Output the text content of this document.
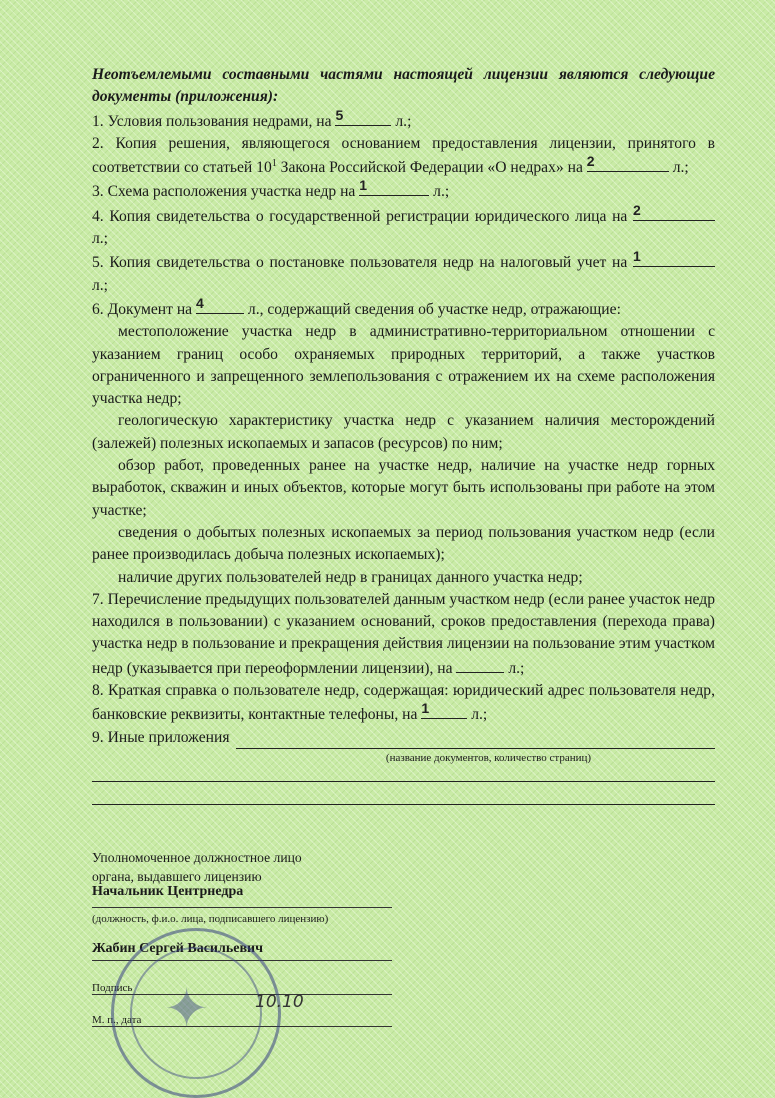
Неотъемлемыми составными частями настоящей лицензии являются следующие документы (приложения):

1. Условия пользования недрами, на 5	л.;

2. Копия решения, являющегося основанием предоставления лицензии, принятого в соответствии со статьей $10^1$ Закона Российской Федерации «О недрах» на 2	л.;

3. Схема расположения участка недр на 1	л.;

4. Копия свидетельства о государственной регистрации юридического лица на 2
л.;

5. Копия свидетельства о постановке пользователя недр на налоговый учет на 1
л.;

6. Документ на 4	л., содержащий сведения об участке недр, отражающие:

местоположение участка недр в административно-территориальном отношении с указанием границ особо охраняемых природных территорий, а также участков ограниченного и запрещенного землепользования с отражением их на схеме расположения участка недр;

геологическую характеристику участка недр с указанием наличия месторождений (залежей) полезных ископаемых и запасов (ресурсов) по ним;

обзор работ, проведенных ранее на участке недр, наличие на участке недр горных выработок, скважин и иных объектов, которые могут быть использованы при работе на этом участке;

сведения о добытых полезных ископаемых за период пользования участком недр (если ранее производилась добыча полезных ископаемых);

наличие других пользователей недр в границах данного участка недр;

7. Перечисление предыдущих пользователей данным участком недр (если ранее участок недр находился в пользовании) с указанием оснований, сроков предоставления (перехода права) участка недр в пользование и прекращения действия лицензии на пользование этим участком недр (указывается при переоформлении лицензии), на	л.;

8. Краткая справка о пользователе недр, содержащая: юридический адрес пользователя недр, банковские реквизиты, контактные телефоны, на 1	л.;

9. Иные приложения
(название документов, количество страниц)

Уполномоченное должностное лицо

органа, выдавшего лицензию

Начальник Центрнедра

(должность, ф.и.о. лица, подписавшего лицензию)

Жабин Сергей Васильевич

Подпись

М. п., дата ✦	10.10
